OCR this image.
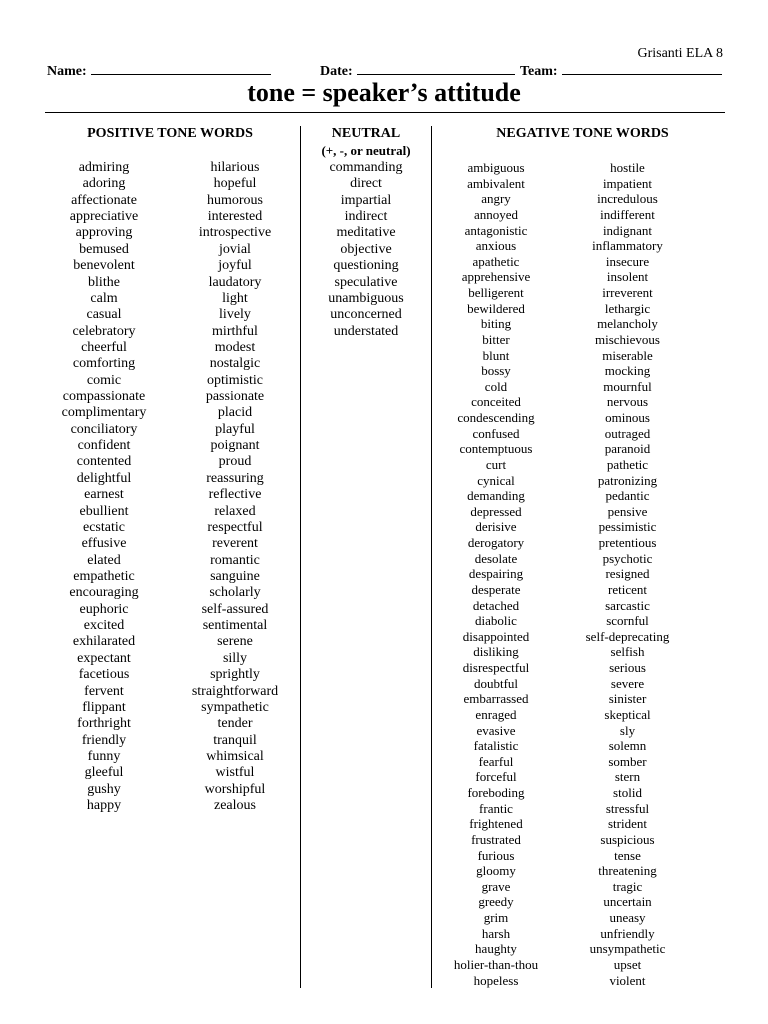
Grisanti ELA 8
Name:	Date:	Team:
tone = speaker’s attitude
POSITIVE TONE WORDS	NEUTRAL
(+, -, or neutral)
NEGATIVE TONE WORDS
admiring
adoring
affectionate
appreciative
approving
bemused
benevolent
blithe
calm
casual
celebratory
cheerful
comforting
comic
compassionate
complimentary
conciliatory
confident
contented
delightful
earnest
ebullient
ecstatic
effusive
elated
empathetic
encouraging
euphoric
excited
exhilarated
expectant
facetious
fervent
flippant
forthright
friendly
funny
gleeful
gushy
happy
hilarious
hopeful
humorous
interested
introspective
jovial
joyful
laudatory
light
lively
mirthful
modest
nostalgic
optimistic
passionate
placid
playful
poignant
proud
reassuring
reflective
relaxed
respectful
reverent
romantic
sanguine
scholarly
self-assured
sentimental
serene
silly
sprightly
straightforward
sympathetic
tender
tranquil
whimsical
wistful
worshipful
zealous
commanding
direct
impartial
indirect
meditative
objective
questioning
speculative
unambiguous
unconcerned
understated
ambiguous
ambivalent
angry
annoyed
antagonistic
anxious
apathetic
apprehensive
belligerent
bewildered
biting
bitter
blunt
bossy
cold
conceited
condescending
confused
contemptuous
curt
cynical
demanding
depressed
derisive
derogatory
desolate
despairing
desperate
detached
diabolic
disappointed
disliking
disrespectful
doubtful
embarrassed
enraged
evasive
fatalistic
fearful
forceful
foreboding
frantic
frightened
frustrated
furious
gloomy
grave
greedy
grim
harsh
haughty
holier-than-thou
hopeless
hostile
impatient
incredulous
indifferent
indignant
inflammatory
insecure
insolent
irreverent
lethargic
melancholy
mischievous
miserable
mocking
mournful
nervous
ominous
outraged
paranoid
pathetic
patronizing
pedantic
pensive
pessimistic
pretentious
psychotic
resigned
reticent
sarcastic
scornful
self-deprecating
selfish
serious
severe
sinister
skeptical
sly
solemn
somber
stern
stolid
stressful
strident
suspicious
tense
threatening
tragic
uncertain
uneasy
unfriendly
unsympathetic
upset
violent
